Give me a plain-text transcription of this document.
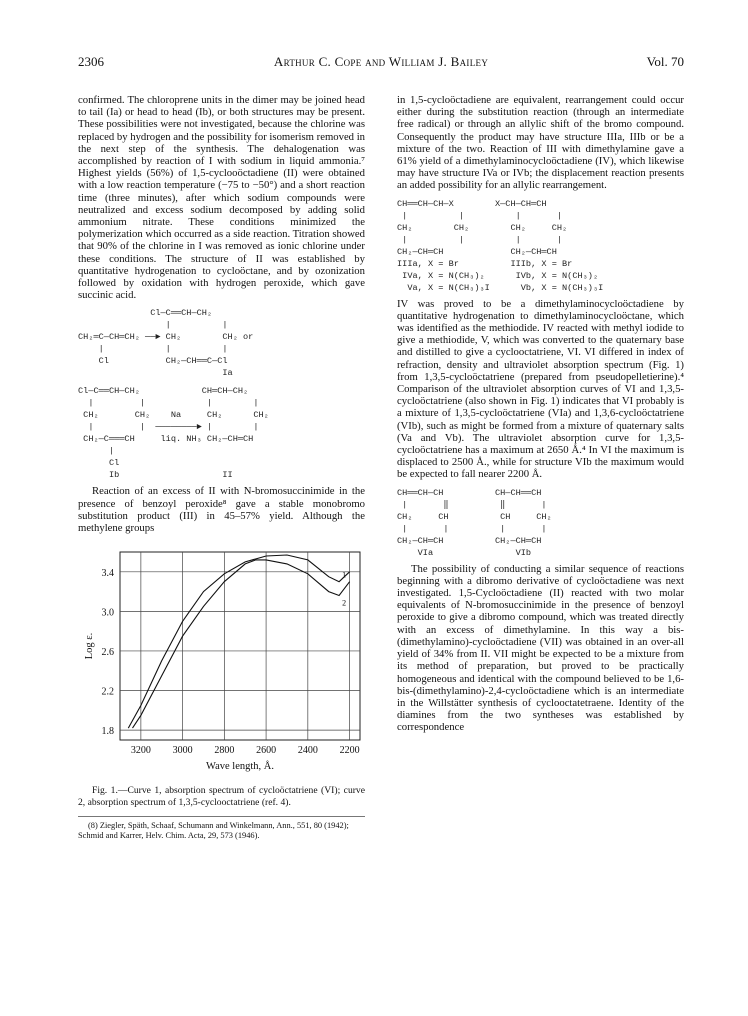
2306	Arthur C. Cope and William J. Bailey	Vol. 70

confirmed. The chloroprene units in the dimer may be joined head to tail (Ia) or head to head (Ib), or both structures may be present. These possibilities were not investigated, because the chlorine was replaced by hydrogen and the possibility for isomerism removed in the next step of the synthesis. The dehalogenation was accomplished by reaction of I with sodium in liquid ammonia.⁷ Highest yields (56%) of 1,5-cyclooöctadiene (II) were obtained with a low reaction temperature (−75 to −50°) and a short reaction time (three minutes), after which sodium compounds were neutralized and excess sodium decomposed by adding solid ammonium nitrate. These conditions minimized the polymerization which occurred as a side reaction. Titration showed that 90% of the chlorine in I was removed as ionic chlorine under these conditions. The structure of II was established by quantitative hydrogenation to cycloöctane, and by ozonization followed by oxidation with hydrogen peroxide, which gave succinic acid.

Cl—C══CH—CH₂
|          |
CH₂═C—CH═CH₂ ──► CH₂        CH₂ or
|            |          |
Cl           CH₂—CH══C—Cl
Ia
Cl—C══CH—CH₂            CH═CH—CH₂
|         |            |        |
CH₂       CH₂    Na     CH₂      CH₂
|         |  ────────► |        |
CH₂—C═══CH     liq. NH₃ CH₂—CH═CH
|
Cl
Ib                    II

Reaction of an excess of II with N-bromosuccinimide in the presence of benzoyl peroxide⁸ gave a stable monobromo substitution product (III) in 45–57% yield. Although the methylene groups

3200 3000 2800 2600 2400 2200
1.8
2.2
2.6
3.0
3.4	1
2
Wave length, Å.
Log ε.

Fig. 1.—Curve 1, absorption spectrum of cycloöctatriene (VI); curve 2, absorption spectrum of 1,3,5-cyclooctatriene (ref. 4).

(8) Ziegler, Späth, Schaaf, Schumann and Winkelmann, Ann., 551, 80 (1942); Schmid and Karrer, Helv. Chim. Acta, 29, 573 (1946).

in 1,5-cycloöctadiene are equivalent, rearrangement could occur either during the substitution reaction (through an intermediate free radical) or through an allylic shift of the bromo compound. Consequently the product may have structure IIIa, IIIb or be a mixture of the two. Reaction of III with dimethylamine gave a 61% yield of a dimethylaminocycloöctadiene (IV), which likewise may have structure IVa or IVb; the displacement reaction presents an added possibility for an allylic rearrangement.

CH══CH—CH—X        X—CH—CH═CH
|          |          |       |
CH₂        CH₂        CH₂     CH₂
|          |          |       |
CH₂—CH═CH             CH₂—CH═CH
IIIa, X = Br          IIIb, X = Br
IVa, X = N(CH₃)₂      IVb, X = N(CH₃)₂
Va, X = N(CH₃)₃I      Vb, X = N(CH₃)₃I

IV was proved to be a dimethylaminocycloöctadiene by quantitative hydrogenation to dimethylaminocycloöctane, which was identified as the methiodide. IV reacted with methyl iodide to give a methiodide, V, which was converted to the quaternary base and distilled to give a cyclooctatriene, VI. VI differed in index of refraction, density and ultraviolet absorption spectrum (Fig. 1) from 1,3,5-cycloöctatriene (prepared from pseudopelletierine).⁴ Comparison of the ultraviolet absorption curves of VI and 1,3,5-cycloöctatriene (also shown in Fig. 1) indicates that VI probably is a mixture of 1,3,5-cycloöctatriene (VIa) and 1,3,6-cycloöctatriene (VIb), such as might be formed from a mixture of quaternary salts (Va and Vb). The ultraviolet absorption curve for 1,3,5-cycloöctatriene has a maximum at 2650 Å.⁴ In VI the maximum is displaced to 2500 Å., while for structure VIb the maximum would be expected to fall nearer 2200 Å.

CH══CH—CH          CH—CH══CH
|       ‖          ‖       |
CH₂     CH          CH     CH₂
|       |          |       |
CH₂—CH═CH          CH₂—CH═CH
VIa                VIb

The possibility of conducting a similar sequence of reactions beginning with a dibromo derivative of cycloöctadiene was next investigated. 1,5-Cycloöctadiene (II) reacted with two molar equivalents of N-bromosuccinimide in the presence of benzoyl peroxide to give a dibromo compound, which was treated directly with an excess of dimethylamine. In this way a bis-(dimethylamino)-cycloöctadiene (VII) was obtained in an over-all yield of 34% from II. VII might be expected to be a mixture from its method of preparation, but proved to be practically homogeneous and identical with the compound believed to be 1,6-bis-(dimethylamino)-2,4-cycloöctadiene which is an intermediate in the Willstätter synthesis of cyclooctatetraene. Identity of the diamines from the two syntheses was established by correspondence
